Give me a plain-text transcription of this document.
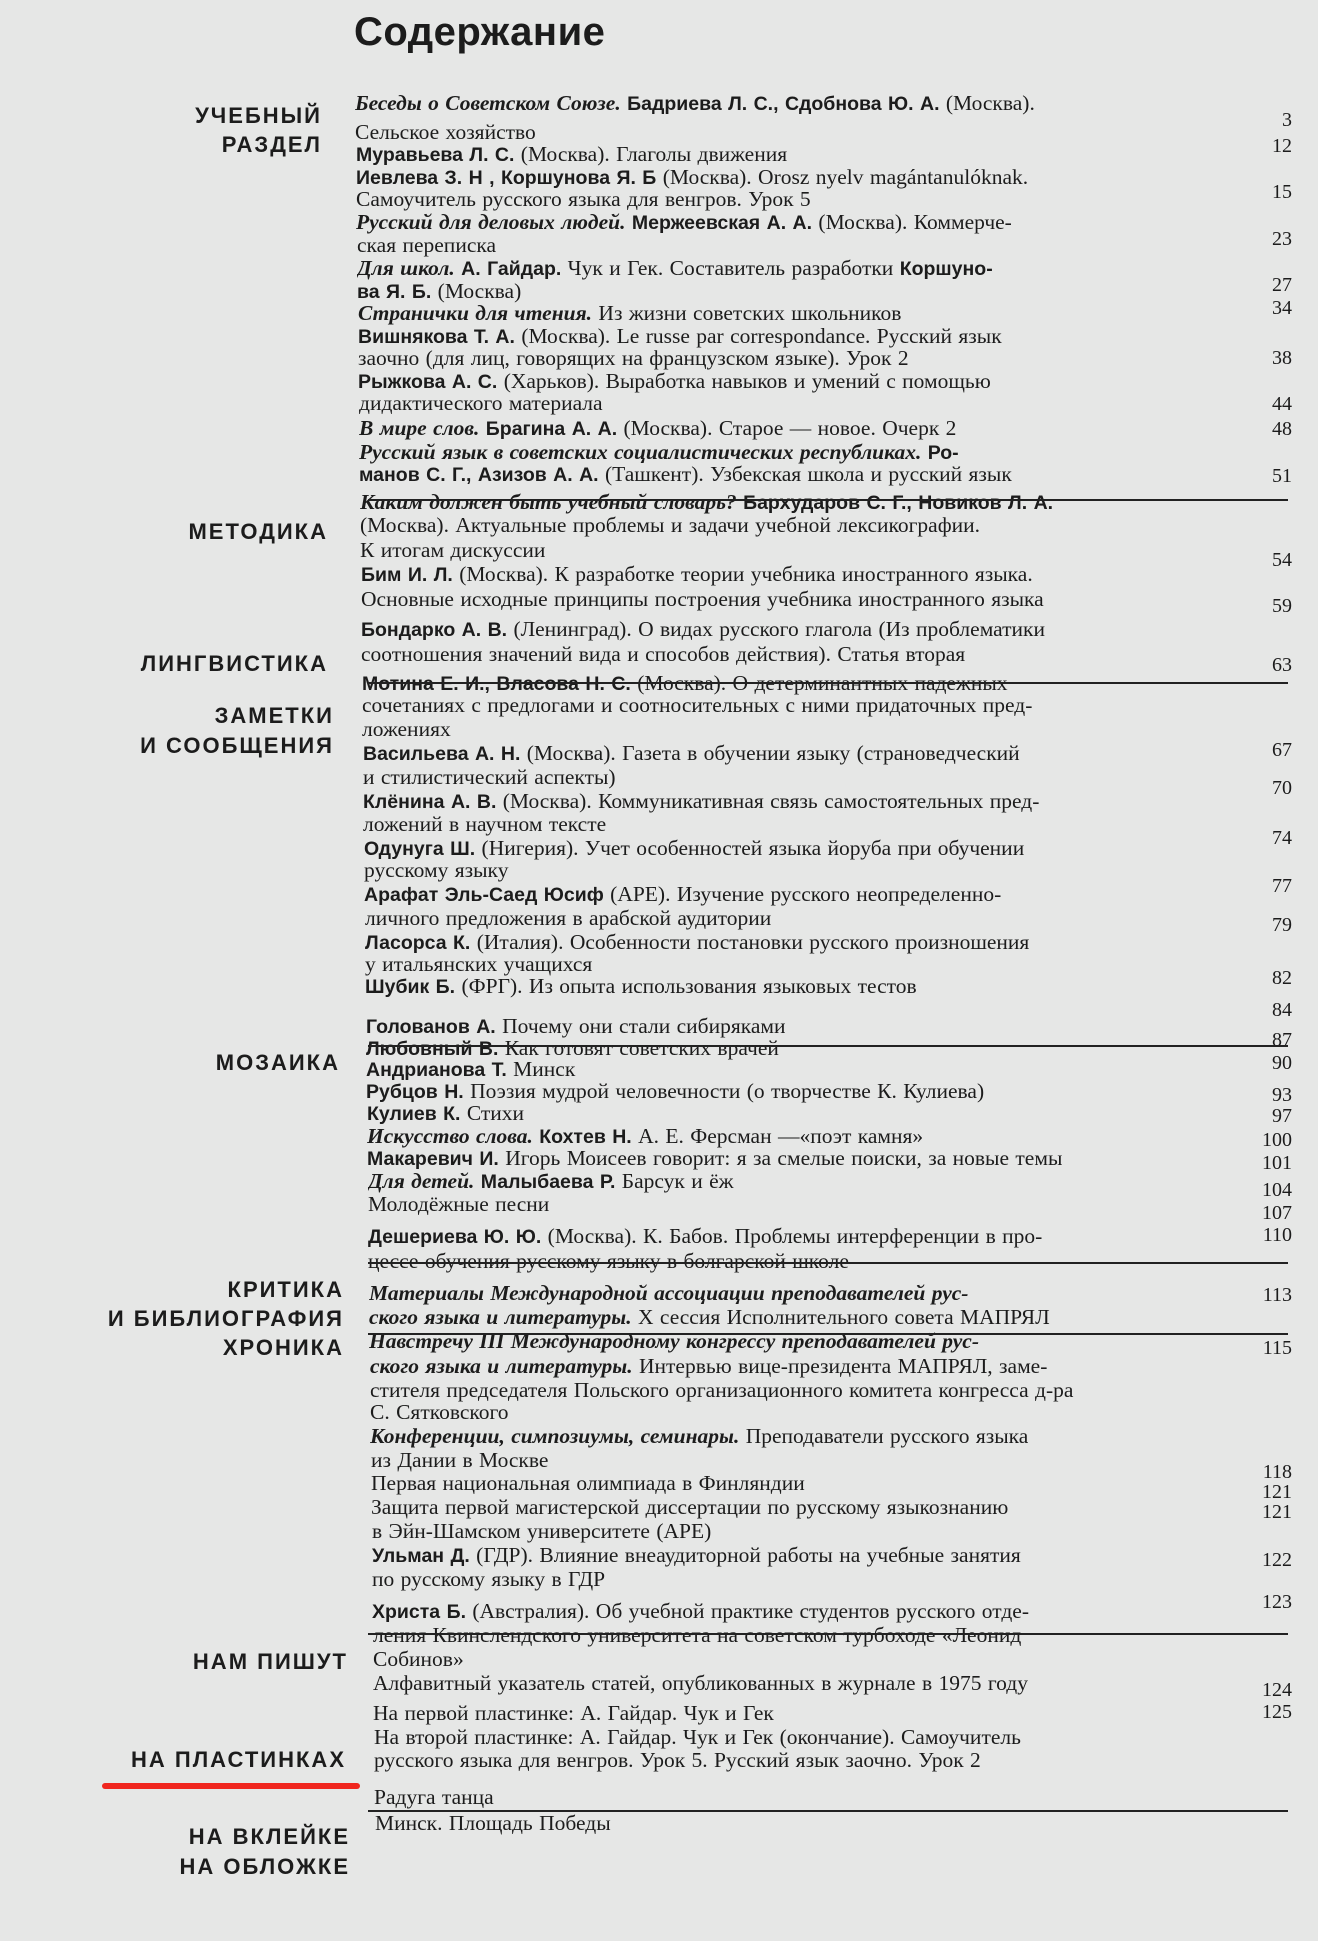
Содержание
УЧЕБНЫЙ
РАЗДЕЛ
МЕТОДИКА
ЛИНГВИСТИКА
ЗАМЕТКИ
И СООБЩЕНИЯ
МОЗАИКА
КРИТИКА
И БИБЛИОГРАФИЯ
ХРОНИКА
НАМ ПИШУТ
НА ПЛАСТИНКАХ
НА ВКЛЕЙКЕ
НА ОБЛОЖКЕ
Беседы о Советском Союзе. Бадриева Л. С., Сдобнова Ю. А. (Москва).
Сельское хозяйство
Муравьева Л. С. (Москва). Глаголы движения
Иевлева З. Н , Коршунова Я. Б (Москва). Orosz nyelv magántanulóknak.
Самоучитель русского языка для венгров. Урок 5
Русский для деловых людей. Мержеевская А. А. (Москва). Коммерче-
ская переписка
Для школ. А. Гайдар. Чук и Гек. Составитель разработки Коршуно-
ва Я. Б. (Москва)
Странички для чтения. Из жизни советских школьников
Вишнякова Т. А. (Москва). Le russe par correspondance. Русский язык
заочно (для лиц, говорящих на французском языке). Урок 2
Рыжкова А. С. (Харьков). Выработка навыков и умений с помощью
дидактического материала
В мире слов. Брагина А. А. (Москва). Старое — новое. Очерк 2
Русский язык в советских социалистических республиках. Ро-
манов С. Г., Азизов А. А. (Ташкент). Узбекская школа и русский язык
Каким должен быть учебный словарь? Бархударов С. Г., Новиков Л. А.
(Москва). Актуальные проблемы и задачи учебной лексикографии.
К итогам дискуссии
Бим И. Л. (Москва). К разработке теории учебника иностранного языка.
Основные исходные принципы построения учебника иностранного языка
Бондарко А. В. (Ленинград). О видах русского глагола (Из проблематики
соотношения значений вида и способов действия). Статья вторая
Мотина Е. И., Власова Н. С. (Москва). О детерминантных падежных
сочетаниях с предлогами и соотносительных с ними придаточных пред-
ложениях
Васильева А. Н. (Москва). Газета в обучении языку (страноведческий
и стилистический аспекты)
Клёнина А. В. (Москва). Коммуникативная связь самостоятельных пред-
ложений в научном тексте
Одунуга Ш. (Нигерия). Учет особенностей языка йоруба при обучении
русскому языку
Арафат Эль-Саед Юсиф (АРЕ). Изучение русского неопределенно-
личного предложения в арабской аудитории
Ласорса К. (Италия). Особенности постановки русского произношения
у итальянских учащихся
Шубик Б. (ФРГ). Из опыта использования языковых тестов
Голованов А. Почему они стали сибиряками
Любовный В. Как готовят советских врачей
Андрианова Т. Минск
Рубцов Н. Поэзия мудрой человечности (о творчестве К. Кулиева)
Кулиев К. Стихи
Искусство слова. Кохтев Н. А. Е. Ферсман —«поэт камня»
Макаревич И. Игорь Моисеев говорит: я за смелые поиски, за новые темы
Для детей. Малыбаева Р. Барсук и ёж
Молодёжные песни
Дешериева Ю. Ю. (Москва). К. Бабов. Проблемы интерференции в про-
цессе обучения русскому языку в болгарской школе
Материалы Международной ассоциации преподавателей рус-
ского языка и литературы. X сессия Исполнительного совета МАПРЯЛ
Навстречу III Международному конгрессу преподавателей рус-
ского языка и литературы. Интервью вице-президента МАПРЯЛ, заме-
стителя председателя Польского организационного комитета конгресса д-ра
С. Сятковского
Конференции, симпозиумы, семинары. Преподаватели русского языка
из Дании в Москве
Первая национальная олимпиада в Финляндии
Защита первой магистерской диссертации по русскому языкознанию
в Эйн-Шамском университете (АРЕ)
Ульман Д. (ГДР). Влияние внеаудиторной работы на учебные занятия
по русскому языку в ГДР
Христа Б. (Австралия). Об учебной практике студентов русского отде-
ления Квинслендского университета на советском турбоходе «Леонид
Собинов»
Алфавитный указатель статей, опубликованных в журнале в 1975 году
На первой пластинке: А. Гайдар. Чук и Гек
На второй пластинке: А. Гайдар. Чук и Гек (окончание). Самоучитель
русского языка для венгров. Урок 5. Русский язык заочно. Урок 2
Радуга танца
Минск. Площадь Победы
3
12
15
23
27
34
38
44
48
51
54
59
63
67
70
74
77
79
82
84
87
90
93
97
100
101
104
107
110
113
115
118
121
121
122
123
124
125
